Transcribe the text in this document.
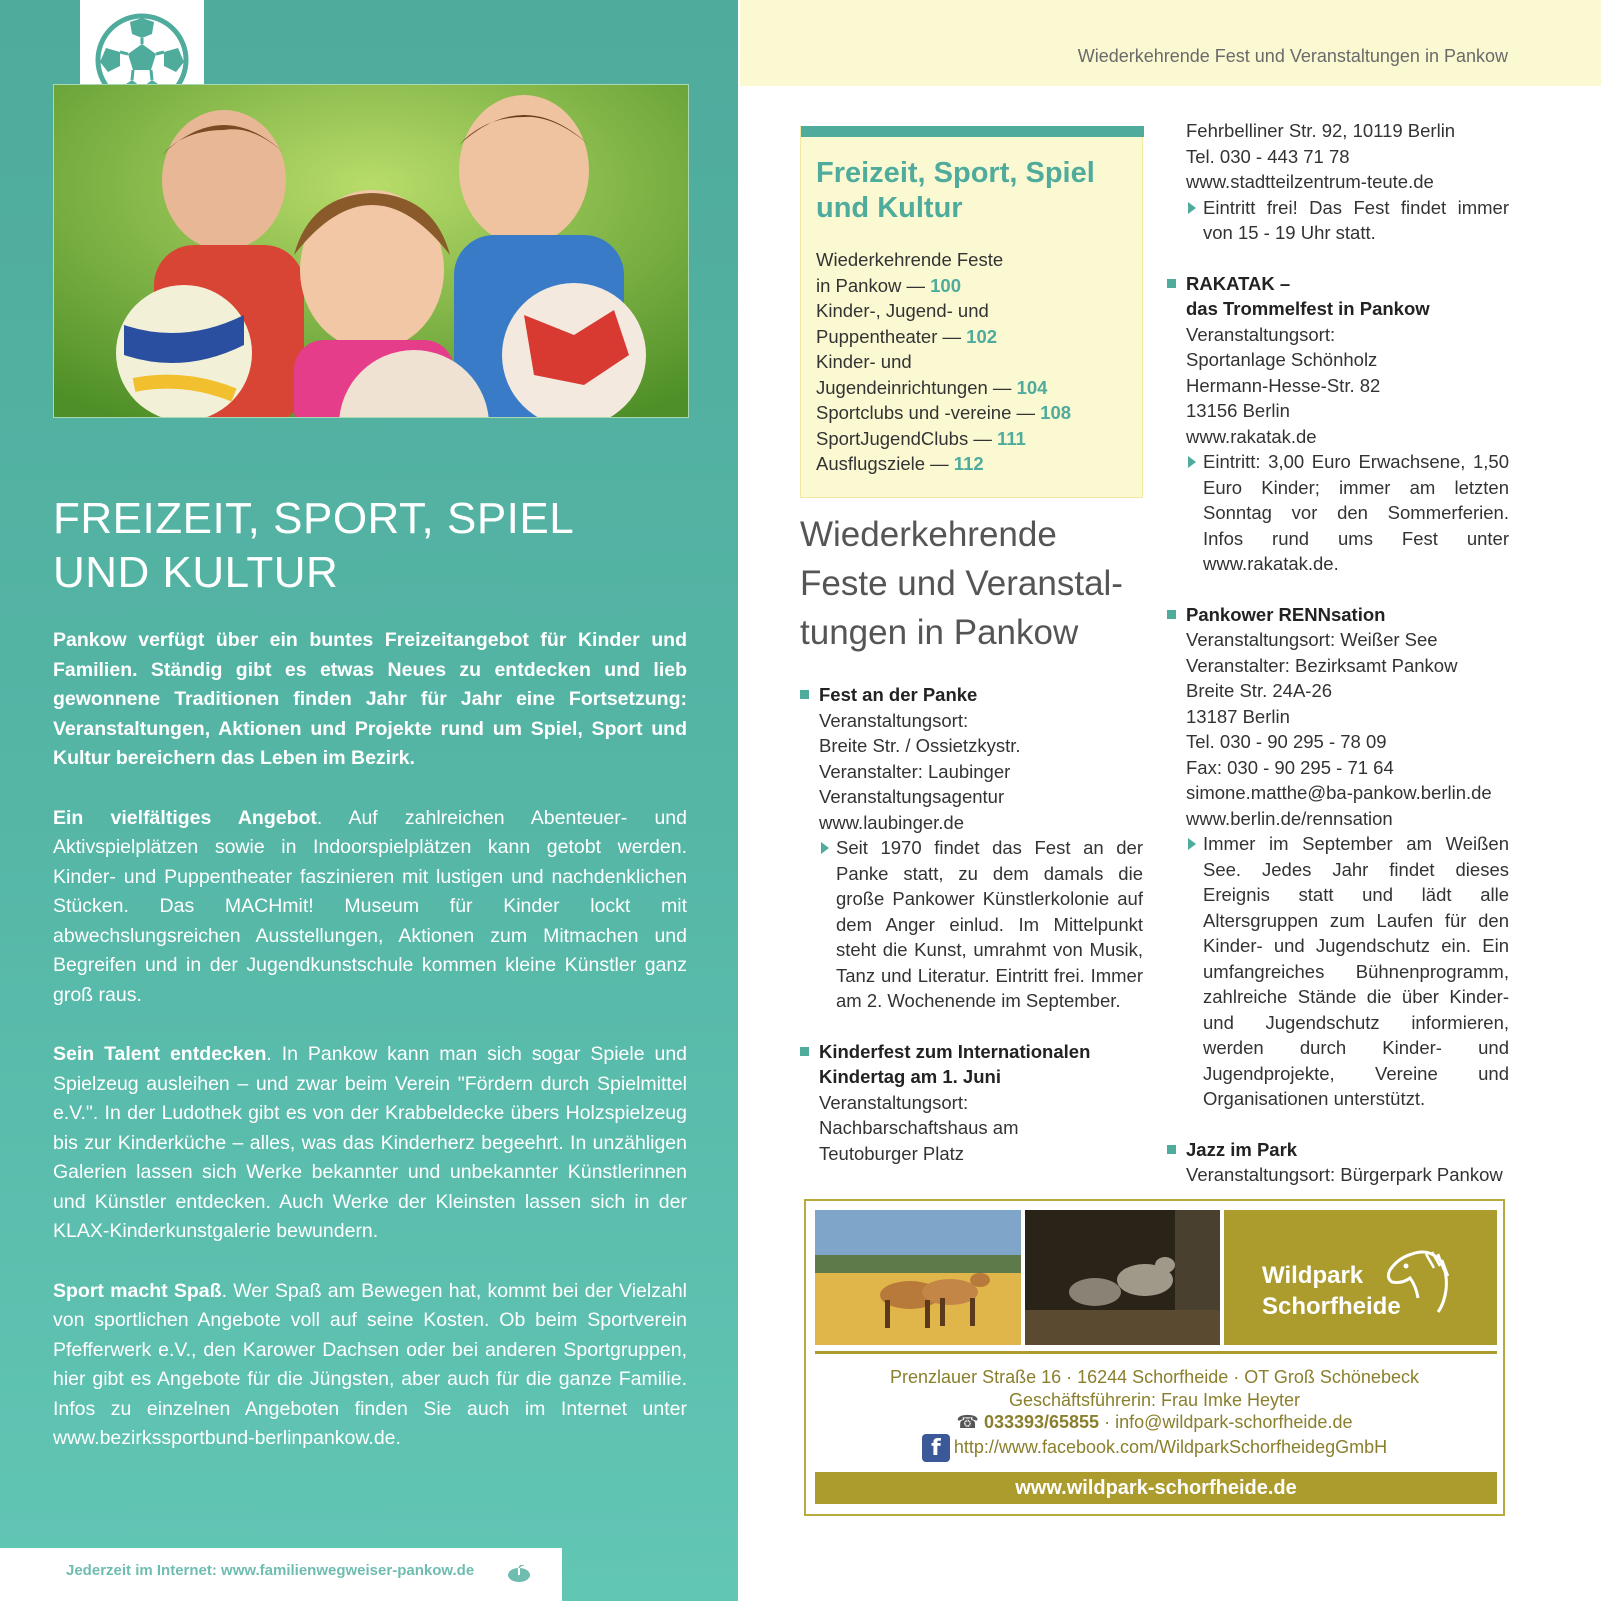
FREIZEIT, SPORT, SPIEL
UND KULTUR

Pankow verfügt über ein buntes Freizeitangebot für Kinder und Familien. Ständig gibt es etwas Neues zu entdecken und lieb gewonnene Traditionen finden Jahr für Jahr eine Fortsetzung: Veranstaltungen, Aktionen und Projekte rund um Spiel, Sport und Kultur bereichern das Leben im Bezirk.

Ein vielfältiges Angebot. Auf zahlreichen Abenteuer- und Aktivspielplätzen sowie in Indoorspielplätzen kann getobt werden. Kinder- und Puppentheater faszinieren mit lustigen und nachdenklichen Stücken. Das MACHmit! Museum für Kinder lockt mit abwechslungsreichen Ausstellungen, Aktionen zum Mitmachen und Begreifen und in der Jugendkunstschule kommen kleine Künstler ganz groß raus.

Sein Talent entdecken. In Pankow kann man sich sogar Spiele und Spielzeug ausleihen – und zwar beim Verein "Fördern durch Spielmittel e.V.". In der Ludothek gibt es von der Krabbeldecke übers Holzspielzeug bis zur Kinderküche – alles, was das Kinderherz begeehrt. In unzähligen Galerien lassen sich Werke bekannter und unbekannter Künstlerinnen und Künstler entdecken. Auch Werke der Kleinsten lassen sich in der KLAX-Kinderkunstgalerie bewundern.

Sport macht Spaß. Wer Spaß am Bewegen hat, kommt bei der Vielzahl von sportlichen Angebote voll auf seine Kosten. Ob beim Sportverein Pfefferwerk e.V., den Karower Dachsen oder bei anderen Sportgruppen, hier gibt es Angebote für die Jüngsten, aber auch für die ganze Familie. Infos zu einzelnen Angeboten finden Sie auch im Internet unter www.bezirkssportbund-berlinpankow.de.

Jederzeit im Internet: www.familienwegweiser-pankow.de
Wiederkehrende Fest und Veranstaltungen in Pankow
Freizeit, Sport, Spiel
und Kultur
Wiederkehrende Feste
in Pankow — 100
Kinder-, Jugend- und
Puppentheater — 102
Kinder- und
Jugendeinrichtungen — 104
Sportclubs und -vereine — 108
SportJugendClubs — 111
Ausflugsziele — 112
Wiederkehrende
Feste und Veranstal-
tungen in Pankow
Fest an der Panke
Veranstaltungsort:
Breite Str. / Ossietzkystr.
Veranstalter: Laubinger
Veranstaltungsagentur
www.laubinger.de
Seit 1970 findet das Fest an der Panke statt, zu dem damals die große Pankower Künstlerkolonie auf dem Anger einlud. Im Mittelpunkt steht die Kunst, umrahmt von Musik, Tanz und Literatur. Eintritt frei. Immer am 2. Wochenende im September.
Kinderfest zum Internationalen
Kindertag am 1. Juni
Veranstaltungsort:
Nachbarschaftshaus am
Teutoburger Platz
Fehrbelliner Str. 92, 10119 Berlin
Tel. 030 - 443 71 78
www.stadtteilzentrum-teute.de
Eintritt frei! Das Fest findet immer von 15 - 19 Uhr statt.
RAKATAK –
das Trommelfest in Pankow
Veranstaltungsort:
Sportanlage Schönholz
Hermann-Hesse-Str. 82
13156 Berlin
www.rakatak.de
Eintritt: 3,00 Euro Erwachsene, 1,50 Euro Kinder; immer am letzten Sonntag vor den Sommerferien. Infos rund ums Fest unter www.rakatak.de.
Pankower RENNsation
Veranstaltungsort: Weißer See
Veranstalter: Bezirksamt Pankow
Breite Str. 24A-26
13187 Berlin
Tel. 030 - 90 295 - 78 09
Fax: 030 - 90 295 - 71 64
simone.matthe@ba-pankow.berlin.de
www.berlin.de/rennsation
Immer im September am Weißen See. Jedes Jahr findet dieses Ereignis statt und lädt alle Altersgruppen zum Laufen für den Kinder- und Jugendschutz ein. Ein umfangreiches Bühnenprogramm, zahlreiche Stände die über Kinder- und Jugendschutz informieren, werden durch Kinder- und Jugendprojekte, Vereine und Organisationen unterstützt.
Jazz im Park
Veranstaltungsort: Bürgerpark Pankow
Wildpark
Schorfheide
Prenzlauer Straße 16 · 16244 Schorfheide · OT Groß Schönebeck
Geschäftsführerin: Frau Imke Heyter
☎ 033393/65855 · info@wildpark-schorfheide.de
f http://www.facebook.com/WildparkSchorfheidegGmbH
www.wildpark-schorfheide.de
